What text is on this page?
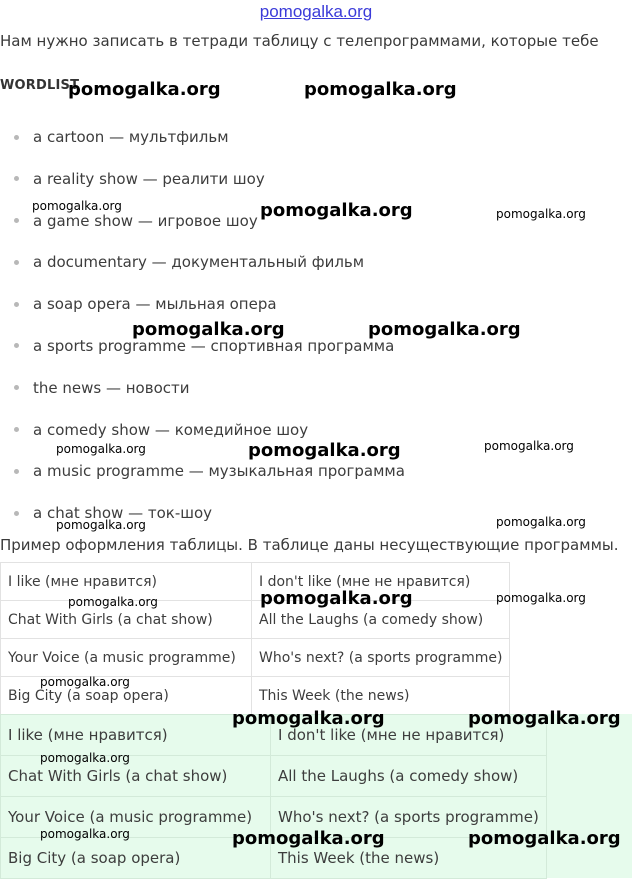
pomogalka.org
Нам нужно записать в тетради таблицу с телепрограммами, которые тебе
WORDLIST
a cartoon — мультфильм
a reality show — реалити шоу
a game show — игровое шоу
a documentary — документальный фильм
a soap opera — мыльная опера
a sports programme — спортивная программа
the news — новости
a comedy show — комедийное шоу
a music programme — музыкальная программа
a chat show — ток-шоу
Пример оформления таблицы. В таблице даны несуществующие программы.
I like (мне нравится)	I don't like (мне не нравится)
Chat With Girls (a chat show)	All the Laughs (a comedy show)
Your Voice (a music programme)	Who's next? (a sports programme)
Big City (a soap opera)	This Week (the news)
I like (мне нравится)	I don't like (мне не нравится)
Chat With Girls (a chat show)	All the Laughs (a comedy show)
Your Voice (a music programme)	Who's next? (a sports programme)
Big City (a soap opera)	This Week (the news)
pomogalka.org	pomogalka.org
pomogalka.org	pomogalka.org	pomogalka.org
pomogalka.org	pomogalka.org
pomogalka.org	pomogalka.org	pomogalka.org
pomogalka.org	pomogalka.org
pomogalka.org	pomogalka.org	pomogalka.org
pomogalka.org
pomogalka.org	pomogalka.org
pomogalka.org
pomogalka.org	pomogalka.org	pomogalka.org
